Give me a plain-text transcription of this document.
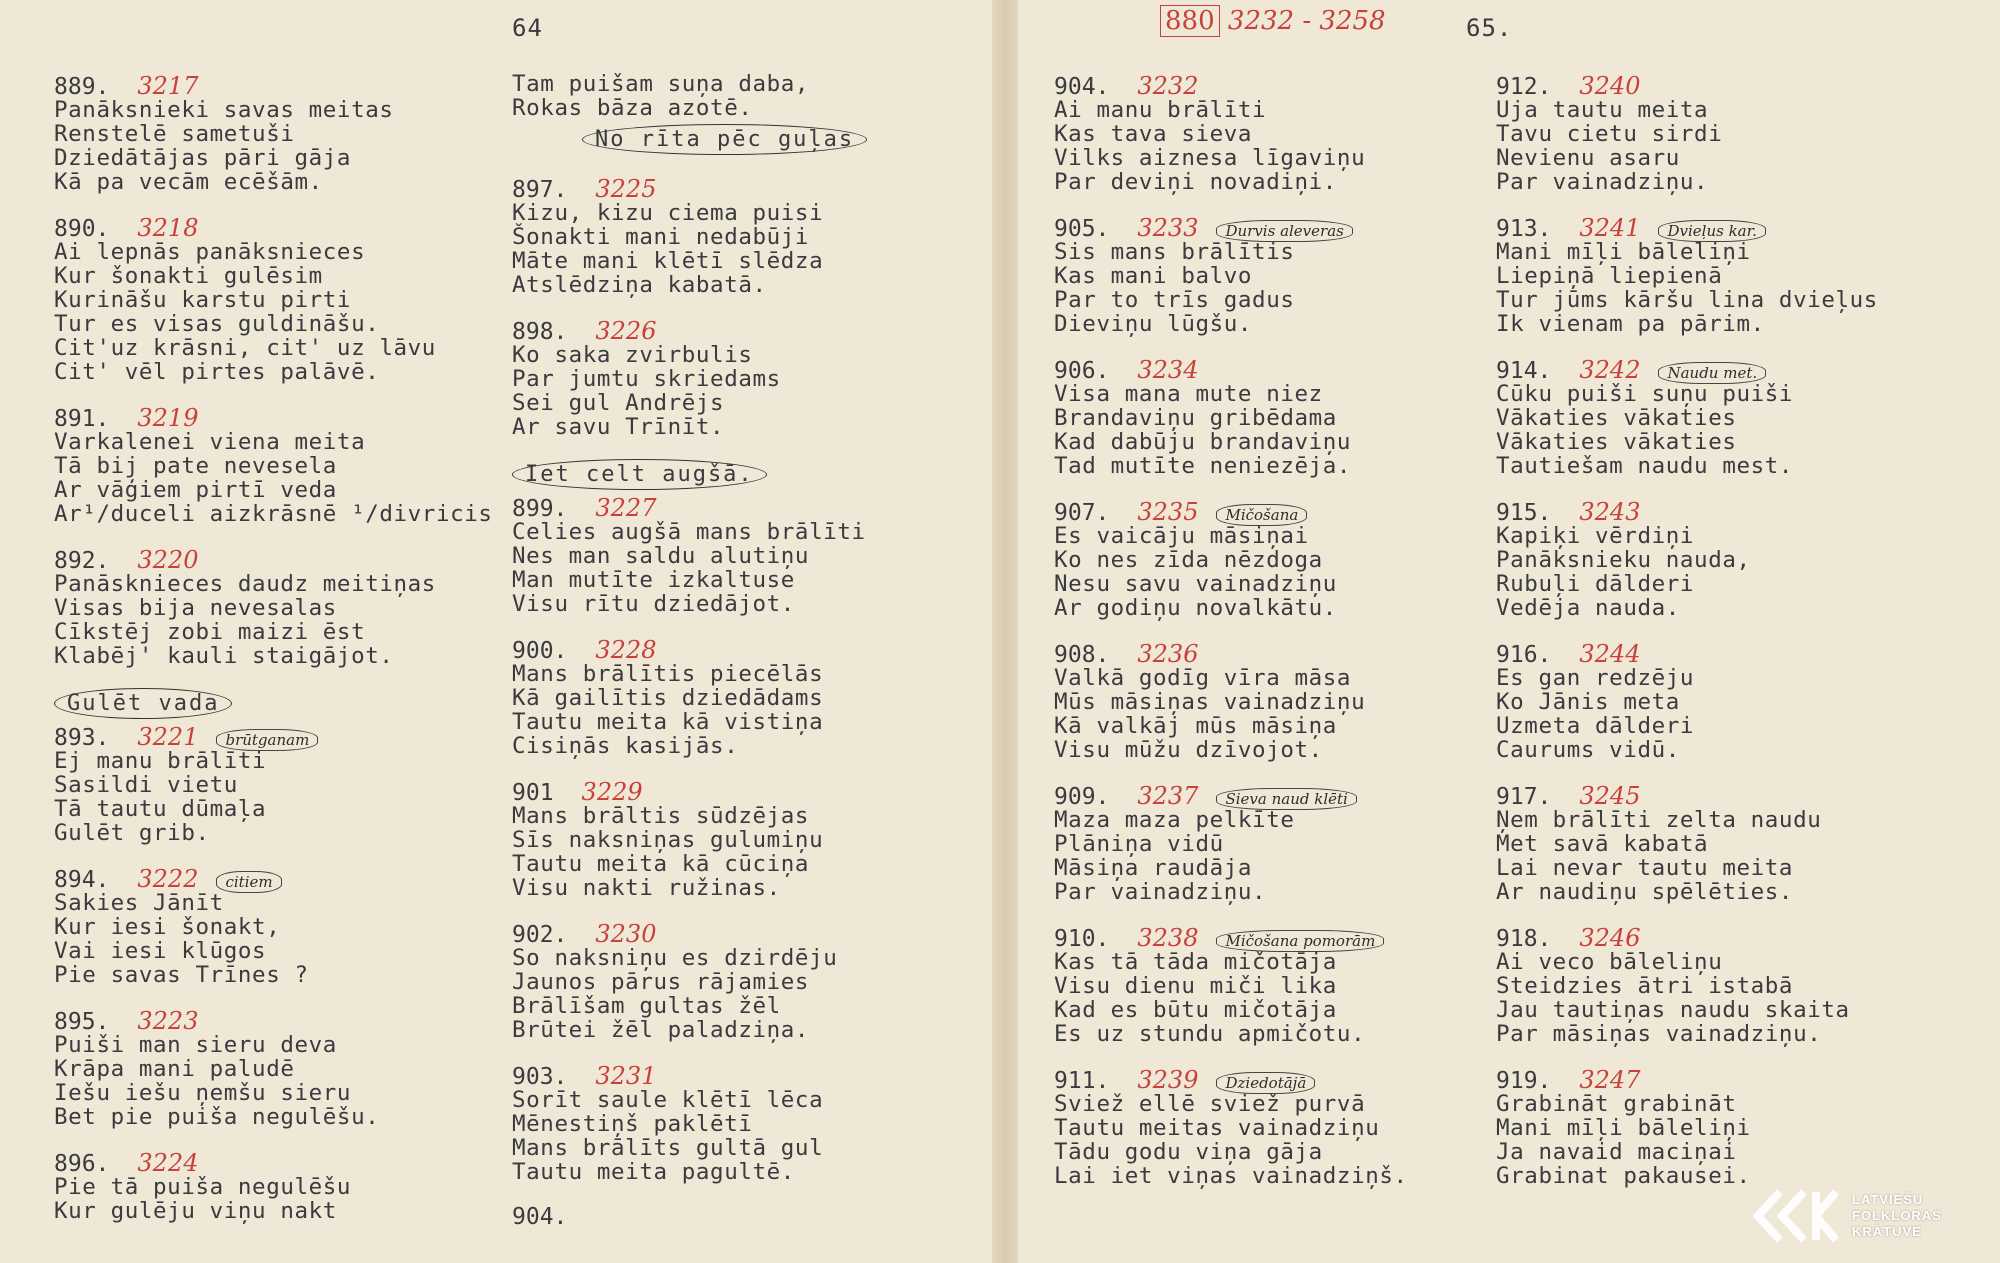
64	65.
880 3232 - 3258
889. 3217
Panāksnieki savas meitas
Renstelē sametuši
Dziedātājas pāri gāja
Kā pa vecām ecēšām.
890. 3218
Ai lepnās panāksnieces
Kur šonakti gulēsim
Kurināšu karstu pirti
Tur es visas guldināšu.
Cit'uz krāsni, cit' uz lāvu
Cit' vēl pirtes palāvē.
891. 3219
Varkalenei viena meita
Tā bij pate nevesela
Ar vāģiem pirtī veda
Ar¹/duceli aizkrāsnē ¹/divricis
892. 3220
Panāsknieces daudz meitiņas
Visas bija nevesalas
Cīkstēj zobi maizi ēst
Klabēj' kauli staigājot.
Gulēt vada
893. 3221 brūtganam
Ej manu brālīti
Sasildi vietu
Tā tautu dūmaļa
Gulēt grib.
894. 3222 citiem
Sakies Jānīt
Kur iesi šonakt,
Vai iesi klūgos
Pie savas Trīnes ?
895. 3223
Puiši man sieru deva
Krāpa mani paludē
Iešu iešu ņemšu sieru
Bet pie puiša negulēšu.
896. 3224
Pie tā puiša negulēšu
Kur gulēju viņu nakt
Tam puišam suņa daba,
Rokas bāza azotē.
No rīta pēc guļas
897. 3225
Kizu, kizu ciema puisi
Šonakti mani nedabūji
Māte mani klētī slēdza
Atslēdziņa kabatā.
898. 3226
Ko saka zvirbulis
Par jumtu skriedams
Sei gul Andrējs
Ar savu Trīnīt.
Iet celt augšā.
899. 3227
Celies augšā mans brālīti
Nes man saldu alutiņu
Man mutīte izkaltuse
Visu rītu dziedājot.
900. 3228
Mans brālītis piecēlās
Kā gailītis dziedādams
Tautu meita kā vistiņa
Cisiņās kasijās.
901 3229
Mans brāltis sūdzējas
Sīs naksniņas gulumiņu
Tautu meita kā cūciņa
Visu nakti ružinas.
902. 3230
So naksniņu es dzirdēju
Jaunos pārus rājamies
Brālīšam gultas žēl
Brūtei žēl paladziņa.
903. 3231
Sorīt saule klētī lēca
Mēnestiņš paklētī
Mans brālīts gultā gul
Tautu meita pagultē.
904.
904. 3232
Ai manu brālīti
Kas tava sieva
Vilks aiznesa līgaviņu
Par deviņi novadiņi.
905. 3233 Durvis aleveras
Sis mans brālītis
Kas mani balvo
Par to trīs gadus
Dieviņu lūgšu.
906. 3234
Visa mana mute niez
Brandaviņu gribēdama
Kad dabūju brandaviņu
Tad mutīte neniezēja.
907. 3235 Mičošana
Es vaicāju māsiņai
Ko nes zīda nēzdoga
Nesu savu vainadziņu
Ar godiņu novalkātu.
908. 3236
Valkā godīg vīra māsa
Mūs māsiņas vainadziņu
Kā valkāj mūs māsiņa
Visu mūžu dzīvojot.
909. 3237 Sieva naud klēti
Maza maza pelkīte
Plāniņa vidū
Māsiņa raudāja
Par vainadziņu.
910. 3238 Mičošana pomorām
Kas tā tāda mičotāja
Visu dienu miči lika
Kad es būtu mičotāja
Es uz stundu apmičotu.
911. 3239 Dziedotājā
Sviež ellē sviež purvā
Tautu meitas vainadziņu
Tādu godu viņa gāja
Lai iet viņas vainadziņš.
912. 3240
Uja tautu meita
Tavu cietu sirdi
Nevienu asaru
Par vainadziņu.
913. 3241 Dvieļus kar.
Mani mīļi bāleliņi
Liepiņā liepienā
Tur jūms kāršu lina dvieļus
Ik vienam pa pārim.
914. 3242 Naudu met.
Cūku puiši suņu puiši
Vākaties vākaties
Vākaties vākaties
Tautiešam naudu mest.
915. 3243
Kapiķi vērdiņi
Panāksnieku nauda,
Rubuļi dālderi
Vedēja nauda.
916. 3244
Es gan redzēju
Ko Jānis meta
Uzmeta dālderi
Caurums vidū.
917. 3245
Ņem brālīti zelta naudu
Met savā kabatā
Lai nevar tautu meita
Ar naudiņu spēlēties.
918. 3246
Ai veco bāleliņu
Steidzies ātri istabā
Jau tautiņas naudu skaita
Par māsiņas vainadziņu.
919. 3247
Grabināt grabināt
Mani mīļi bāleliņi
Ja navaid maciņai
Grabinat pakausei.
LATVIEŠU
FOLKLORAS
KRĀTUVE
